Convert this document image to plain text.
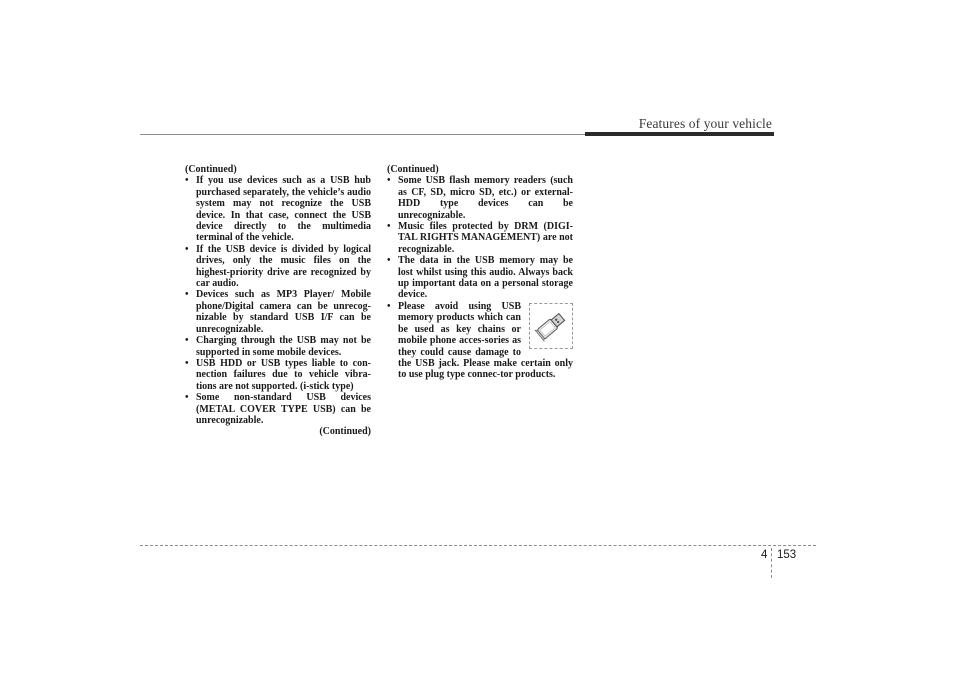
Features of your vehicle

(Continued)

• If you use devices such as a USB hub purchased separately, the vehicle’s audio system may not recognize the USB device. In that case, connect the USB device directly to the multimedia terminal of the vehicle.
• If the USB device is divided by logical drives, only the music files on the highest-priority drive are recognized by car audio.
• Devices such as MP3 Player/ Mobile phone/Digital camera can be unrecog-nizable by standard USB I/F can be unrecognizable.
• Charging through the USB may not be supported in some mobile devices.
• USB HDD or USB types liable to con-nection failures due to vehicle vibra-tions are not supported. (i-stick type)
• Some non-standard USB devices (METAL COVER TYPE USB) can be unrecognizable.

(Continued)

(Continued)

• Some USB flash memory readers (such as CF, SD, micro SD, etc.) or external-HDD type devices can be unrecognizable.
• Music files protected by DRM (DIGI-TAL RIGHTS MANAGEMENT) are not recognizable.
• The data in the USB memory may be lost whilst using this audio. Always back up important data on a personal storage device.
• Please avoid using USB memory products which can be used as key chains or mobile phone acces-sories as they could cause damage to the USB jack. Please make certain only to use plug type connec-tor products.
4 153
